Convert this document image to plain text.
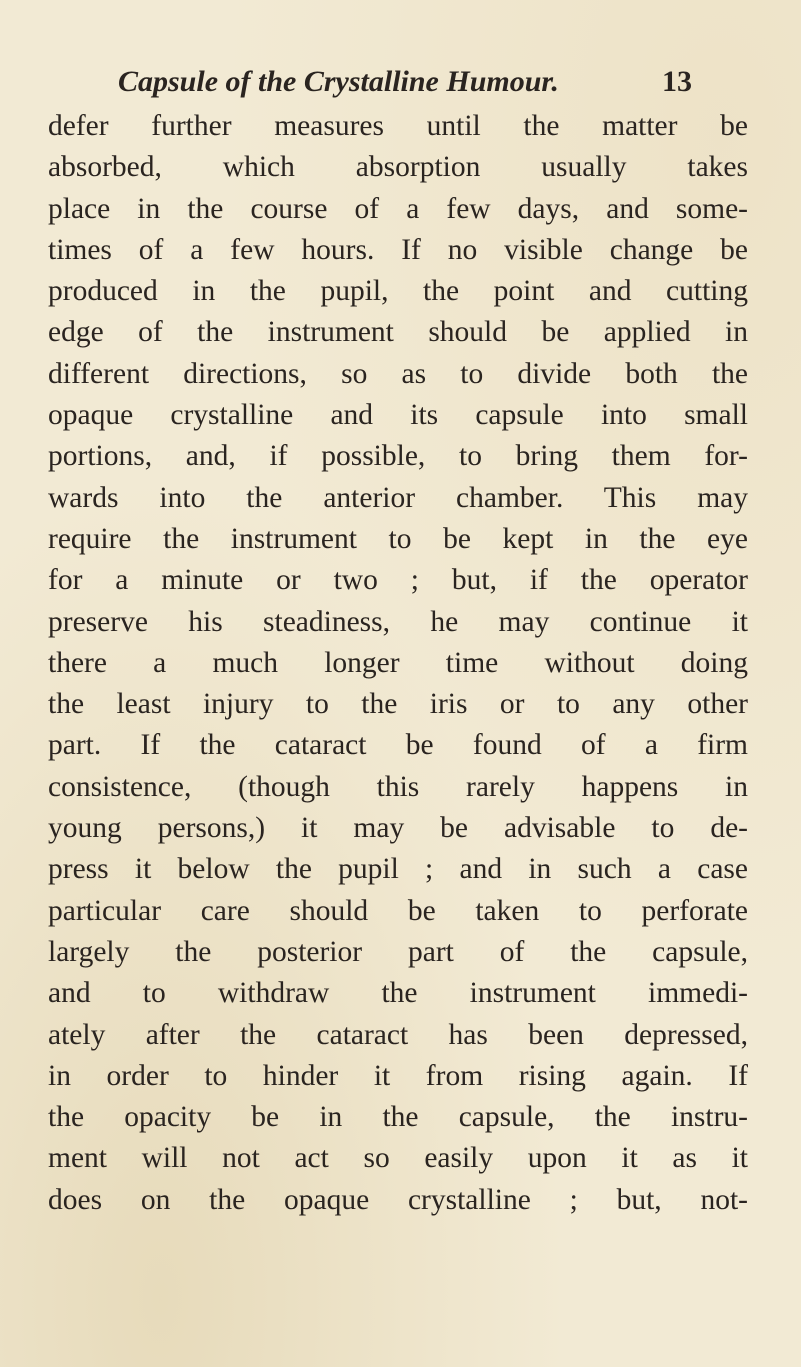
Capsule of the Crystalline Humour.	13
defer further measures until the matter be
absorbed, which absorption usually takes
place in the course of a few days, and some-
times of a few hours. If no visible change be
produced in the pupil, the point and cutting
edge of the instrument should be applied in
different directions, so as to divide both the
opaque crystalline and its capsule into small
portions, and, if possible, to bring them for-
wards into the anterior chamber. This may
require the instrument to be kept in the eye
for a minute or two ; but, if the operator
preserve his steadiness, he may continue it
there a much longer time without doing
the least injury to the iris or to any other
part. If the cataract be found of a firm
consistence, (though this rarely happens in
young persons,) it may be advisable to de-
press it below the pupil ; and in such a case
particular care should be taken to perforate
largely the posterior part of the capsule,
and to withdraw the instrument immedi-
ately after the cataract has been depressed,
in order to hinder it from rising again. If
the opacity be in the capsule, the instru-
ment will not act so easily upon it as it
does on the opaque crystalline ; but, not-
